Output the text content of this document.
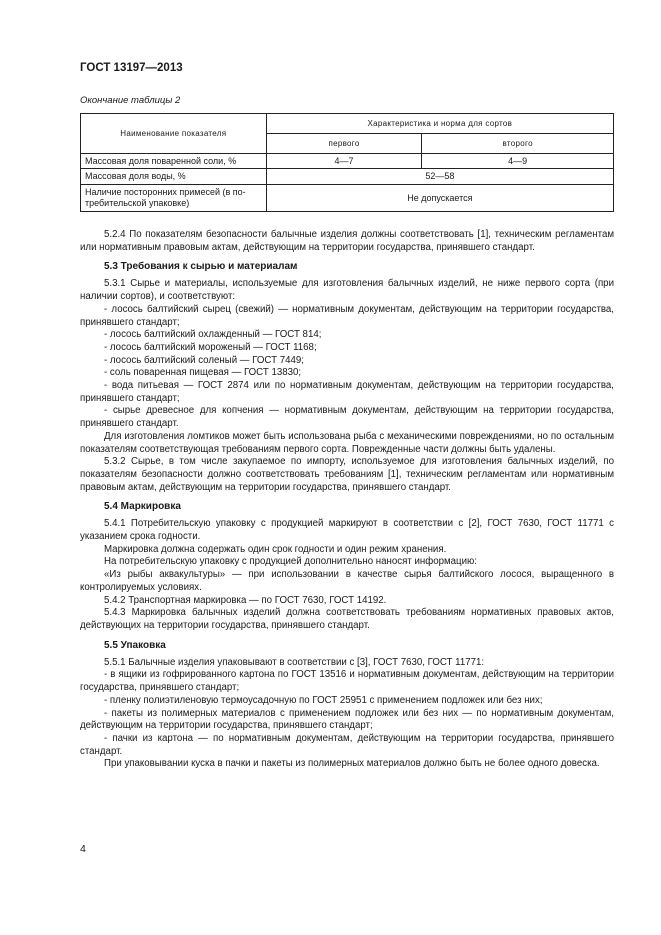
ГОСТ 13197—2013
Окончание таблицы 2
Наименование показателя	Характеристика и норма для сортов	
	первого	второго
Массовая доля поваренной соли, %	4—7	4—9
Массовая доля воды, %	52—58	
Наличие посторонних примесей (в по-
требительской упаковке)	Не допускается	

5.2.4 По показателям безопасности балычные изделия должны соответствовать [1], техническим регламентам или нормативным правовым актам, действующим на территории государства, принявшего стандарт.

5.3 Требования к сырью и материалам

5.3.1 Сырье и материалы, используемые для изготовления балычных изделий, не ниже первого сорта (при наличии сортов), и соответствуют:

- лосось балтийский сырец (свежий) — нормативным документам, действующим на территории государства, принявшего стандарт;

- лосось балтийский охлажденный — ГОСТ 814;

- лосось балтийский мороженый — ГОСТ 1168;

- лосось балтийский соленый — ГОСТ 7449;

- соль поваренная пищевая — ГОСТ 13830;

- вода питьевая — ГОСТ 2874 или по нормативным документам, действующим на территории государства, принявшего стандарт;

- сырье древесное для копчения — нормативным документам, действующим на территории государства, принявшего стандарт.

Для изготовления ломтиков может быть использована рыба с механическими повреждениями, но по остальным показателям соответствующая требованиям первого сорта. Поврежденные части должны быть удалены.

5.3.2 Сырье, в том числе закупаемое по импорту, используемое для изготовления балычных изделий, по показателям безопасности должно соответствовать требованиям [1], техническим регламентам или нормативным правовым актам, действующим на территории государства, принявшего стандарт.

5.4 Маркировка

5.4.1 Потребительскую упаковку с продукцией маркируют в соответствии с [2], ГОСТ 7630, ГОСТ 11771 с указанием срока годности.

Маркировка должна содержать один срок годности и один режим хранения.

На потребительскую упаковку с продукцией дополнительно наносят информацию:

«Из рыбы аквакультуры» — при использовании в качестве сырья балтийского лосося, выращенного в контролируемых условиях.

5.4.2 Транспортная маркировка — по ГОСТ 7630, ГОСТ 14192.

5.4.3 Маркировка балычных изделий должна соответствовать требованиям нормативных правовых актов, действующих на территории государства, принявшего стандарт.

5.5 Упаковка

5.5.1 Балычные изделия упаковывают в соответствии с [3], ГОСТ 7630, ГОСТ 11771:

- в ящики из гофрированного картона по ГОСТ 13516 и нормативным документам, действующим на территории государства, принявшего стандарт;

- пленку полиэтиленовую термоусадочную по ГОСТ 25951 с применением подложек или без них;

- пакеты из полимерных материалов с применением подложек или без них — по нормативным документам, действующим на территории государства, принявшего стандарт;

- пачки из картона — по нормативным документам, действующим на территории государства, принявшего стандарт.

При упаковывании куска в пачки и пакеты из полимерных материалов должно быть не более одного довеска.

4
